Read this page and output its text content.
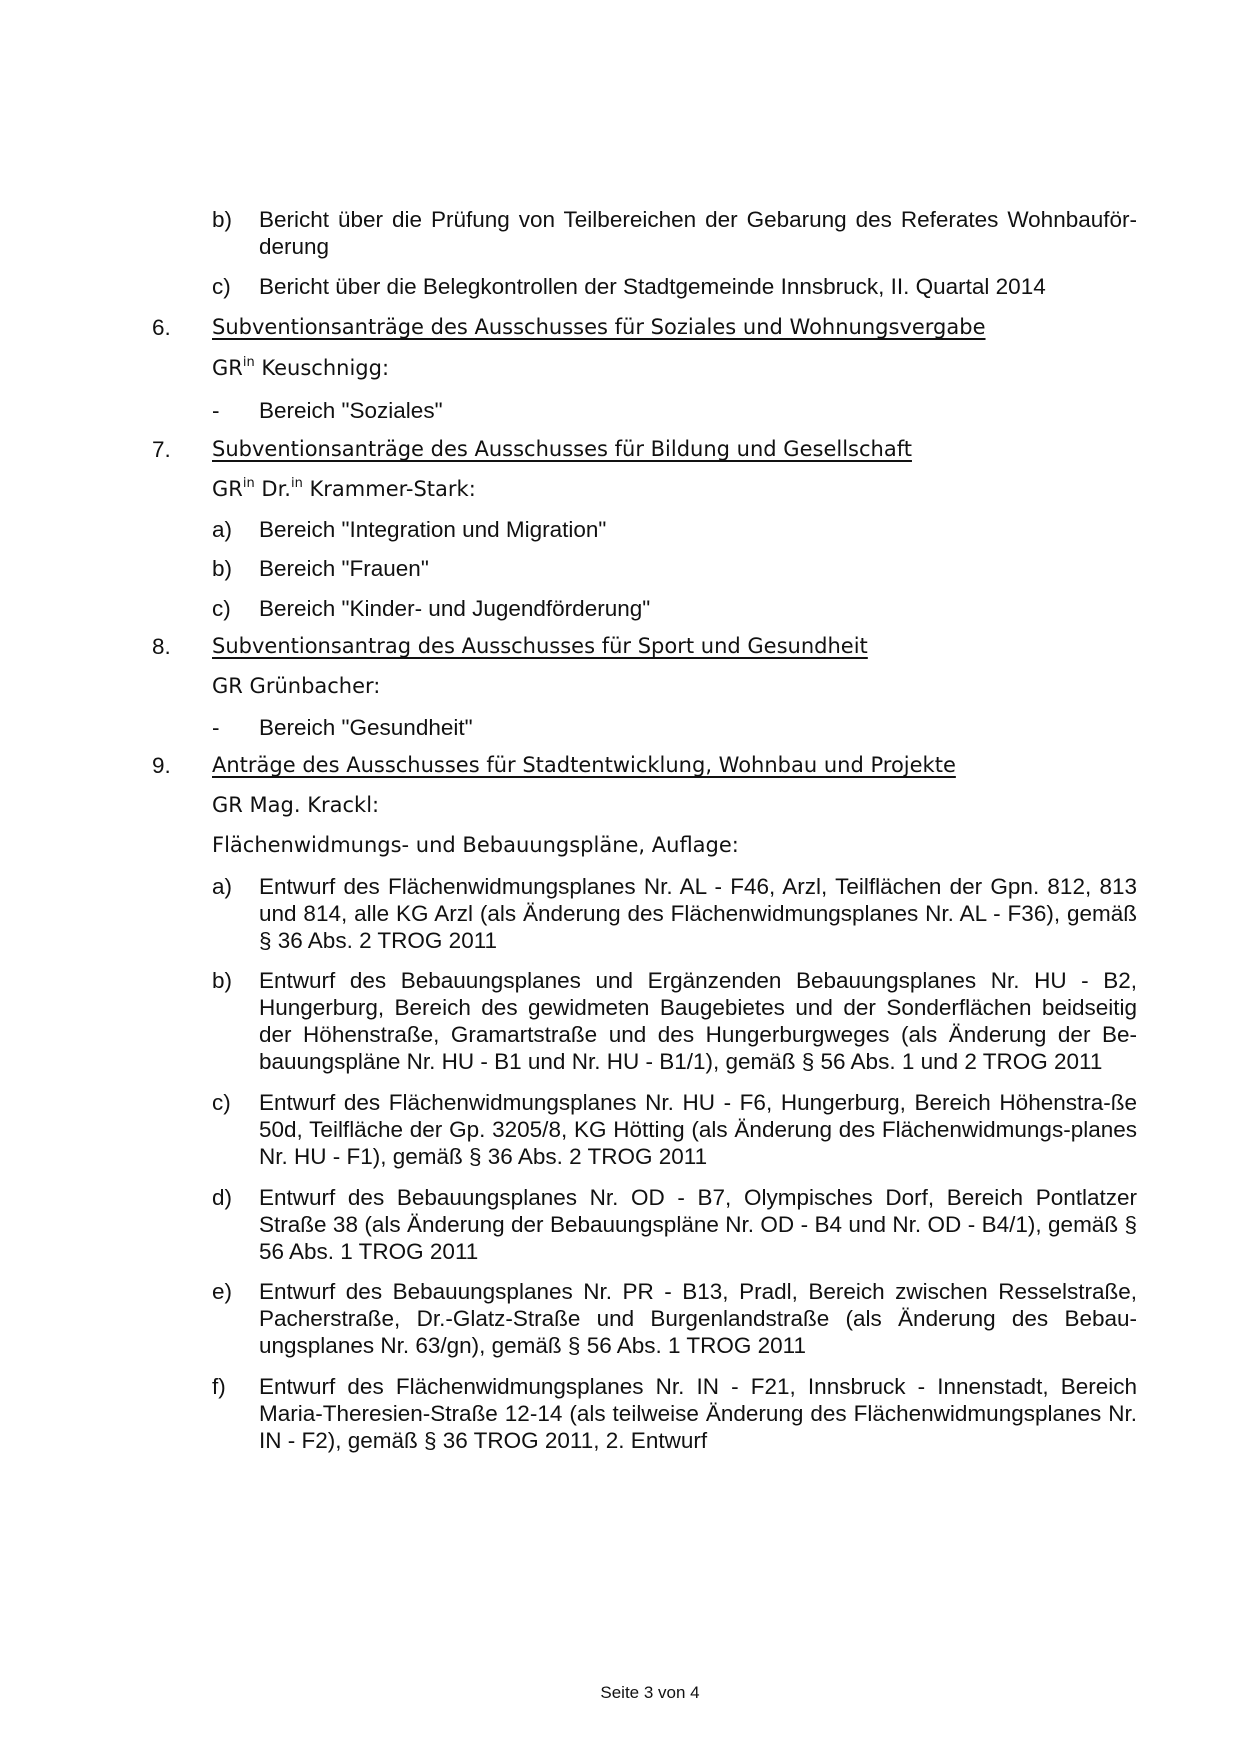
b) Bericht über die Prüfung von Teilbereichen der Gebarung des Referates Wohnbauför-derung
c) Bericht über die Belegkontrollen der Stadtgemeinde Innsbruck, II. Quartal 2014
6. Subventionsanträge des Ausschusses für Soziales und Wohnungsvergabe
$GR^{in}$ Keuschnigg:
- Bereich "Soziales"
7. Subventionsanträge des Ausschusses für Bildung und Gesellschaft
$GR^{in}$ Dr.$^{in}$ Krammer-Stark:
a) Bereich "Integration und Migration"
b) Bereich "Frauen"
c) Bereich "Kinder- und Jugendförderung"
8. Subventionsantrag des Ausschusses für Sport und Gesundheit
GR Grünbacher:
- Bereich "Gesundheit"
9. Anträge des Ausschusses für Stadtentwicklung, Wohnbau und Projekte
GR Mag. Krackl:
Flächenwidmungs- und Bebauungspläne, Auflage:
a) Entwurf des Flächenwidmungsplanes Nr. AL - F46, Arzl, Teilflächen der Gpn. 812, 813 und 814, alle KG Arzl (als Änderung des Flächenwidmungsplanes Nr. AL - F36), gemäß § 36 Abs. 2 TROG 2011
b) Entwurf des Bebauungsplanes und Ergänzenden Bebauungsplanes Nr. HU - B2, Hungerburg, Bereich des gewidmeten Baugebietes und der Sonderflächen beidseitig der Höhenstraße, Gramartstraße und des Hungerburgweges (als Änderung der Be-bauungspläne Nr. HU - B1 und Nr. HU - B1/1), gemäß § 56 Abs. 1 und 2 TROG 2011
c) Entwurf des Flächenwidmungsplanes Nr. HU - F6, Hungerburg, Bereich Höhenstra-ße 50d, Teilfläche der Gp. 3205/8, KG Hötting (als Änderung des Flächenwidmungs-planes Nr. HU - F1), gemäß § 36 Abs. 2 TROG 2011
d) Entwurf des Bebauungsplanes Nr. OD - B7, Olympisches Dorf, Bereich Pontlatzer Straße 38 (als Änderung der Bebauungspläne Nr. OD - B4 und Nr. OD - B4/1), gemäß § 56 Abs. 1 TROG 2011
e) Entwurf des Bebauungsplanes Nr. PR - B13, Pradl, Bereich zwischen Resselstraße, Pacherstraße, Dr.-Glatz-Straße und Burgenlandstraße (als Änderung des Bebau-ungsplanes Nr. 63/gn), gemäß § 56 Abs. 1 TROG 2011
f) Entwurf des Flächenwidmungsplanes Nr. IN - F21, Innsbruck - Innenstadt, Bereich Maria-Theresien-Straße 12-14 (als teilweise Änderung des Flächenwidmungsplanes Nr. IN - F2), gemäß § 36 TROG 2011, 2. Entwurf
Seite 3 von 4
